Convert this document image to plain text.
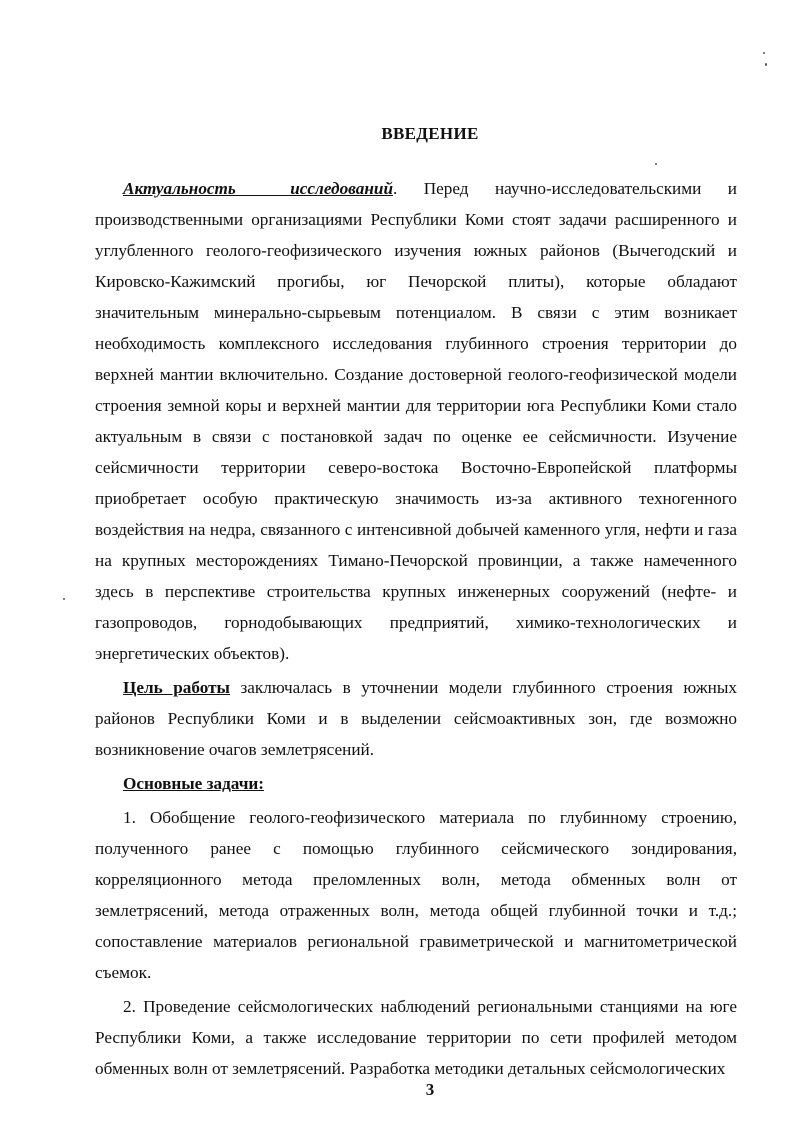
ВВЕДЕНИЕ

Актуальность исследований. Перед научно-исследовательскими и производственными организациями Республики Коми стоят задачи расширенного и углубленного геолого-геофизического изучения южных районов (Вычегодский и Кировско-Кажимский прогибы, юг Печорской плиты), которые обладают значительным минерально-сырьевым потенциалом. В связи с этим возникает необходимость комплексного исследования глубинного строения территории до верхней мантии включительно. Создание достоверной геолого-геофизической модели строения земной коры и верхней мантии для территории юга Республики Коми стало актуальным в связи с постановкой задач по оценке ее сейсмичности. Изучение сейсмичности территории северо-востока Восточно-Европейской платформы приобретает особую практическую значимость из-за активного техногенного воздействия на недра, связанного с интенсивной добычей каменного угля, нефти и газа на крупных месторождениях Тимано-Печорской провинции, а также намеченного здесь в перспективе строительства крупных инженерных сооружений (нефте- и газопроводов, горнодобывающих предприятий, химико-технологических и энергетических объектов).

Цель работы заключалась в уточнении модели глубинного строения южных районов Республики Коми и в выделении сейсмоактивных зон, где возможно возникновение очагов землетрясений.

Основные задачи:

1. Обобщение геолого-геофизического материала по глубинному строению, полученного ранее с помощью глубинного сейсмического зондирования, корреляционного метода преломленных волн, метода обменных волн от землетрясений, метода отраженных волн, метода общей глубинной точки и т.д.; сопоставление материалов региональной гравиметрической и магнитометрической съемок.

2. Проведение сейсмологических наблюдений региональными станциями на юге Республики Коми, а также исследование территории по сети профилей методом обменных волн от землетрясений. Разработка методики детальных сейсмологических

3
